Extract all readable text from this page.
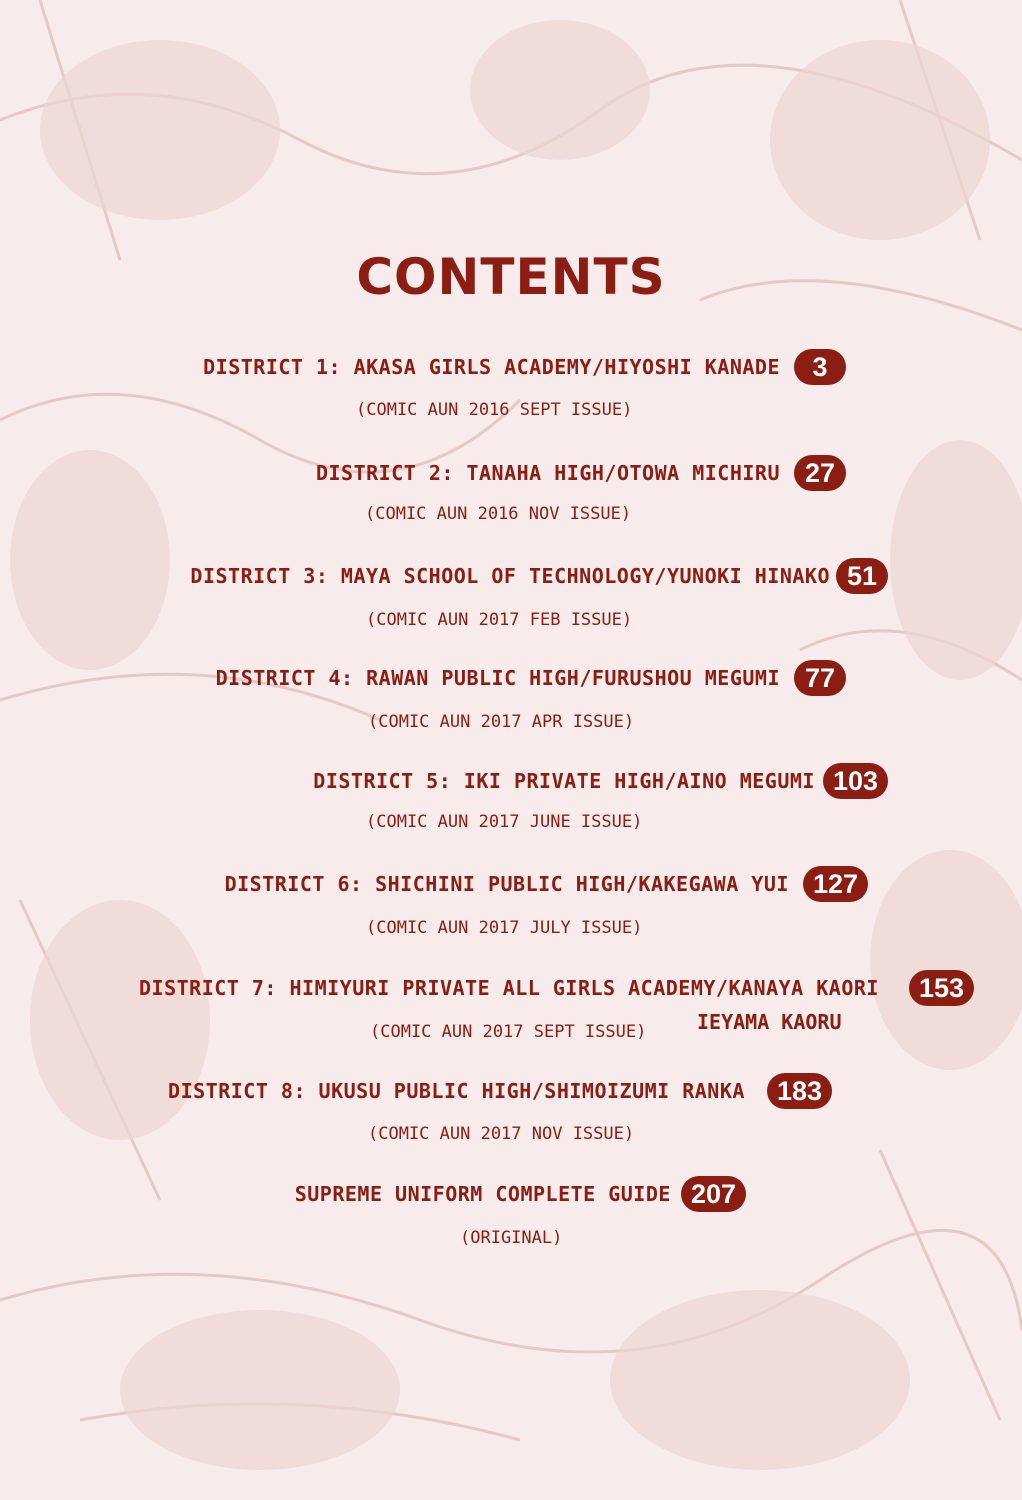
CONTENTS
DISTRICT 1: AKASA GIRLS ACADEMY/HIYOSHI KANADE	3
(COMIC AUN 2016 SEPT ISSUE)
DISTRICT 2: TANAHA HIGH/OTOWA MICHIRU 27
(COMIC AUN 2016 NOV ISSUE)
DISTRICT 3: MAYA SCHOOL OF TECHNOLOGY/YUNOKI HINAKO 51
(COMIC AUN 2017 FEB ISSUE)
DISTRICT 4: RAWAN PUBLIC HIGH/FURUSHOU MEGUMI 77
(COMIC AUN 2017 APR ISSUE)
DISTRICT 5: IKI PRIVATE HIGH/AINO MEGUMI 103
(COMIC AUN 2017 JUNE ISSUE)
DISTRICT 6: SHICHINI PUBLIC HIGH/KAKEGAWA YUI 127
(COMIC AUN 2017 JULY ISSUE)
DISTRICT 7: HIMIYURI PRIVATE ALL GIRLS ACADEMY/KANAYA KAORI	153
(COMIC AUN 2017 SEPT ISSUE)	IEYAMA KAORU
DISTRICT 8: UKUSU PUBLIC HIGH/SHIMOIZUMI RANKA	183
(COMIC AUN 2017 NOV ISSUE)
SUPREME UNIFORM COMPLETE GUIDE 207
(ORIGINAL)
